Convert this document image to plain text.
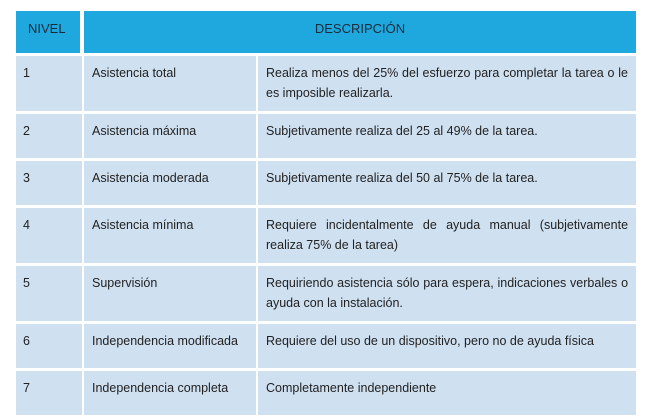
NIVEL	DESCRIPCIÓN	
1	Asistencia total	Realiza menos del 25% del esfuerzo para completar la tarea o le es imposible realizarla.
2	Asistencia máxima	Subjetivamente realiza del 25 al 49% de la tarea.
3	Asistencia moderada	Subjetivamente realiza del 50 al 75% de la tarea.
4	Asistencia mínima	Requiere incidentalmente de ayuda manual (subjetivamente realiza 75% de la tarea)
5	Supervisión	Requiriendo asistencia sólo para espera, indicaciones verbales o ayuda con la instalación.
6	Independencia modificada	Requiere del uso de un dispositivo, pero no de ayuda física
7	Independencia completa	Completamente independiente
